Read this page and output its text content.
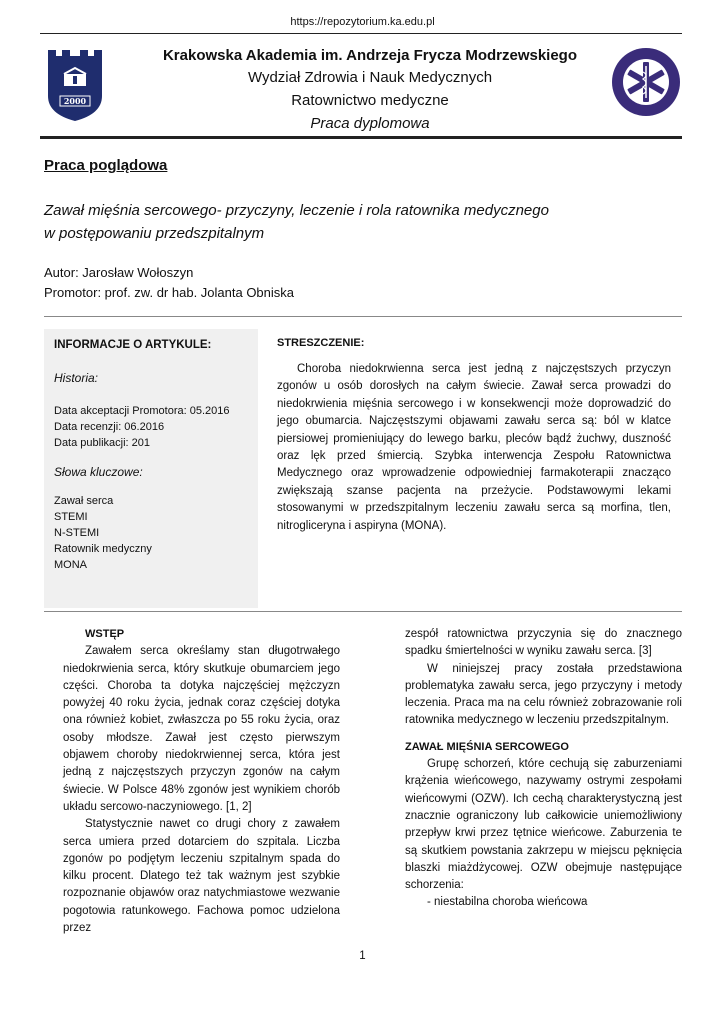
https://repozytorium.ka.edu.pl
2000
Krakowska Akademia im. Andrzeja Frycza Modrzewskiego
Wydział Zdrowia i Nauk Medycznych
Ratownictwo medyczne
Praca dyplomowa
Praca poglądowa
Zawał mięśnia sercowego- przyczyny, leczenie i rola ratownika medycznego
w postępowaniu przedszpitalnym
Autor: Jarosław Wołoszyn
Promotor: prof. zw. dr hab. Jolanta Obniska
INFORMACJE O ARTYKULE:
Historia:
Data akceptacji Promotora: 05.2016
Data recenzji: 06.2016
Data publikacji: 201
Słowa kluczowe:
Zawał serca
STEMI
N-STEMI
Ratownik medyczny
MONA
STRESZCZENIE:

Choroba niedokrwienna serca jest jedną z najczęstszych przyczyn zgonów u osób dorosłych na całym świecie. Zawał serca prowadzi do niedokrwienia mięśnia sercowego i w konsekwencji może doprowadzić do jego obumarcia. Najczęstszymi objawami zawału serca są: ból w klatce piersiowej promieniujący do lewego barku, pleców bądź żuchwy, duszność oraz lęk przed śmiercią. Szybka interwencja Zespołu Ratownictwa Medycznego oraz wprowadzenie odpowiedniej farmakoterapii znacząco zwiększają szanse pacjenta na przeżycie. Podstawowymi lekami stosowanymi w przedszpitalnym leczeniu zawału serca są morfina, tlen, nitrogliceryna i aspiryna (MONA).

WSTĘP

Zawałem serca określamy stan długotrwałego niedokrwienia serca, który skutkuje obumarciem jego części. Choroba ta dotyka najczęściej mężczyzn powyżej 40 roku życia, jednak coraz częściej dotyka ona również kobiet, zwłaszcza po 55 roku życia, oraz osoby młodsze. Zawał jest często pierwszym objawem choroby niedokrwiennej serca, która jest jedną z najczęstszych przyczyn zgonów na całym świecie. W Polsce 48% zgonów jest wynikiem chorób układu sercowo-naczyniowego. [1, 2]

Statystycznie nawet co drugi chory z zawałem serca umiera przed dotarciem do szpitala. Liczba zgonów po podjętym leczeniu szpitalnym spada do kilku procent. Dlatego też tak ważnym jest szybkie rozpoznanie objawów oraz natychmiastowe wezwanie pogotowia ratunkowego. Fachowa pomoc udzielona przez

zespół ratownictwa przyczynia się do znacznego spadku śmiertelności w wyniku zawału serca. [3]

W niniejszej pracy została przedstawiona problematyka zawału serca, jego przyczyny i metody leczenia. Praca ma na celu również zobrazowanie roli ratownika medycznego w leczeniu przedszpitalnym.

ZAWAŁ MIĘŚNIA SERCOWEGO

Grupę schorzeń, które cechują się zaburzeniami krążenia wieńcowego, nazywamy ostrymi zespołami wieńcowymi (OZW). Ich cechą charakterystyczną jest znacznie ograniczony lub całkowicie uniemożliwiony przepływ krwi przez tętnice wieńcowe. Zaburzenia te są skutkiem powstania zakrzepu w miejscu pęknięcia blaszki miażdżycowej. OZW obejmuje następujące schorzenia:

- niestabilna choroba wieńcowa

1
